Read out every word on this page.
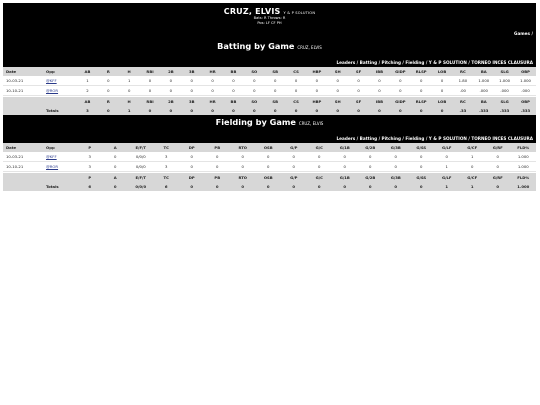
CRUZ, ELVIS Y & P SOLUTION
Bats: R Throws: R
Pos: LF CF PH
Games /
Batting by Game CRUZ, ELVIS
Leaders / Batting / Pitching / Fielding / Y & P SOLUTION / TORNEO INCES CLAUSURA
Date	Opp	AB	R	H	RBI	2B	3B	HR	BB	SO	SB	CS	HBP	SH	SF	IBB	GIDP	RLSP	LOB	RC	BA	SLG	OBP
10-03-21	@KFF	1	0	1	0	0	0	0	0	0	0	0	0	0	0	0	0	0	0	1.80	1.000	1.000	1.000
10-10-21	@ROR	2	0	0	0	0	0	0	0	0	0	0	0	0	0	0	0	0	0	.00	.000	.000	.000

		AB	R	H	RBI	2B	3B	HR	BB	SO	SB	CS	HBP	SH	SF	IBB	GIDP	RLSP	LOB	RC	BA	SLG	OBP
	Totals	3	0	1	0	0	0	0	0	0	0	0	0	0	0	0	0	0	0	.33	.333	.333	.333
Fielding by Game CRUZ, ELVIS
Leaders / Batting / Pitching / Fielding / Y & P SOLUTION / TORNEO INCES CLAUSURA
Date	Opp	P	A	E/F/T	TC	DP	PB	RTO	OSB	G/P	G/C	G/1B	G/2B	G/3B	G/SS	G/LF	G/CF	G/RF	FLD%
10-03-21	@KFF	3	0	0/0/0	3	0	0	0	0	0	0	0	0	0	0	0	1	0	1.000
10-10-21	@ROR	3	0	0/0/0	3	0	0	0	0	0	0	0	0	0	0	1	0	0	1.000

		P	A	E/F/T	TC	DP	PB	RTO	OSB	G/P	G/C	G/1B	G/2B	G/3B	G/SS	G/LF	G/CF	G/RF	FLD%
	Totals	6	0	0/0/0	6	0	0	0	0	0	0	0	0	0	0	1	1	0	1.000
